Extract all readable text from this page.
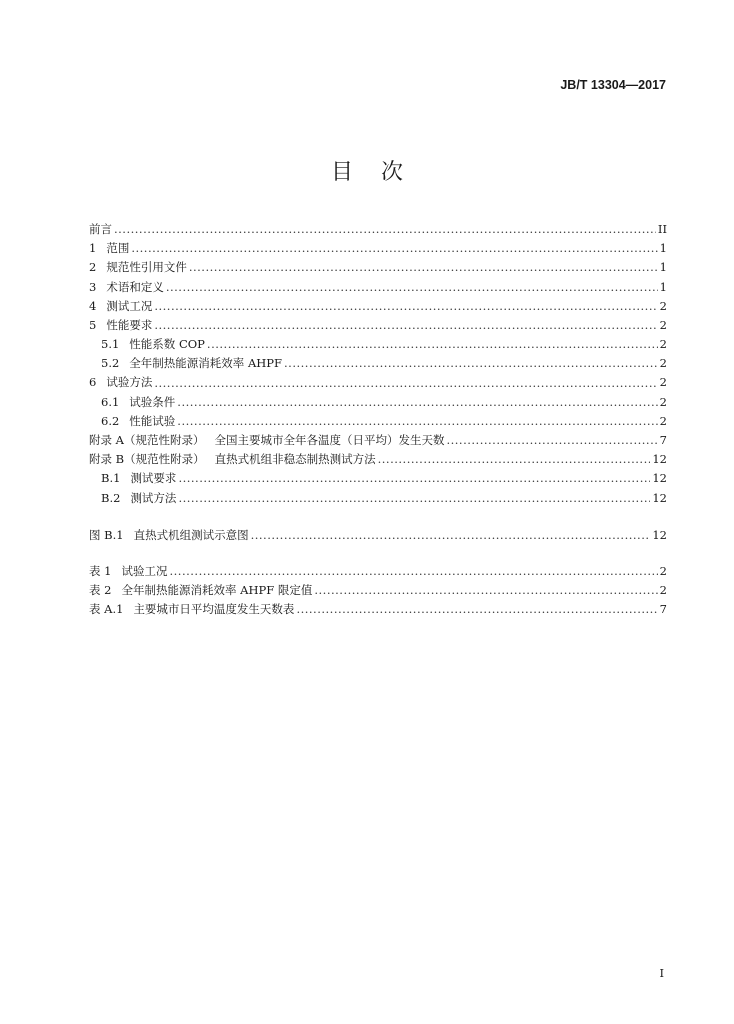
JB/T 13304—2017
目次
前言 .....	II
1 范围 .....	1
2 规范性引用文件 .....	1
3 术语和定义 .....	1
4 测试工况 .....	2
5 性能要求 .....	2
5.1 性能系数 COP .....	2
5.2 全年制热能源消耗效率 AHPF .....	2
6 试验方法 .....	2
6.1 试验条件 .....	2
6.2 性能试验 .....	2
附录 A（规范性附录） 全国主要城市全年各温度（日平均）发生天数 .....	7
附录 B（规范性附录） 直热式机组非稳态制热测试方法 .....	12
B.1 测试要求 .....	12
B.2 测试方法 .....	12
图 B.1 直热式机组测试示意图 .....	12
表 1 试验工况 .....	2
表 2 全年制热能源消耗效率 AHPF 限定值 .....	2
表 A.1 主要城市日平均温度发生天数表 .....	7
I
